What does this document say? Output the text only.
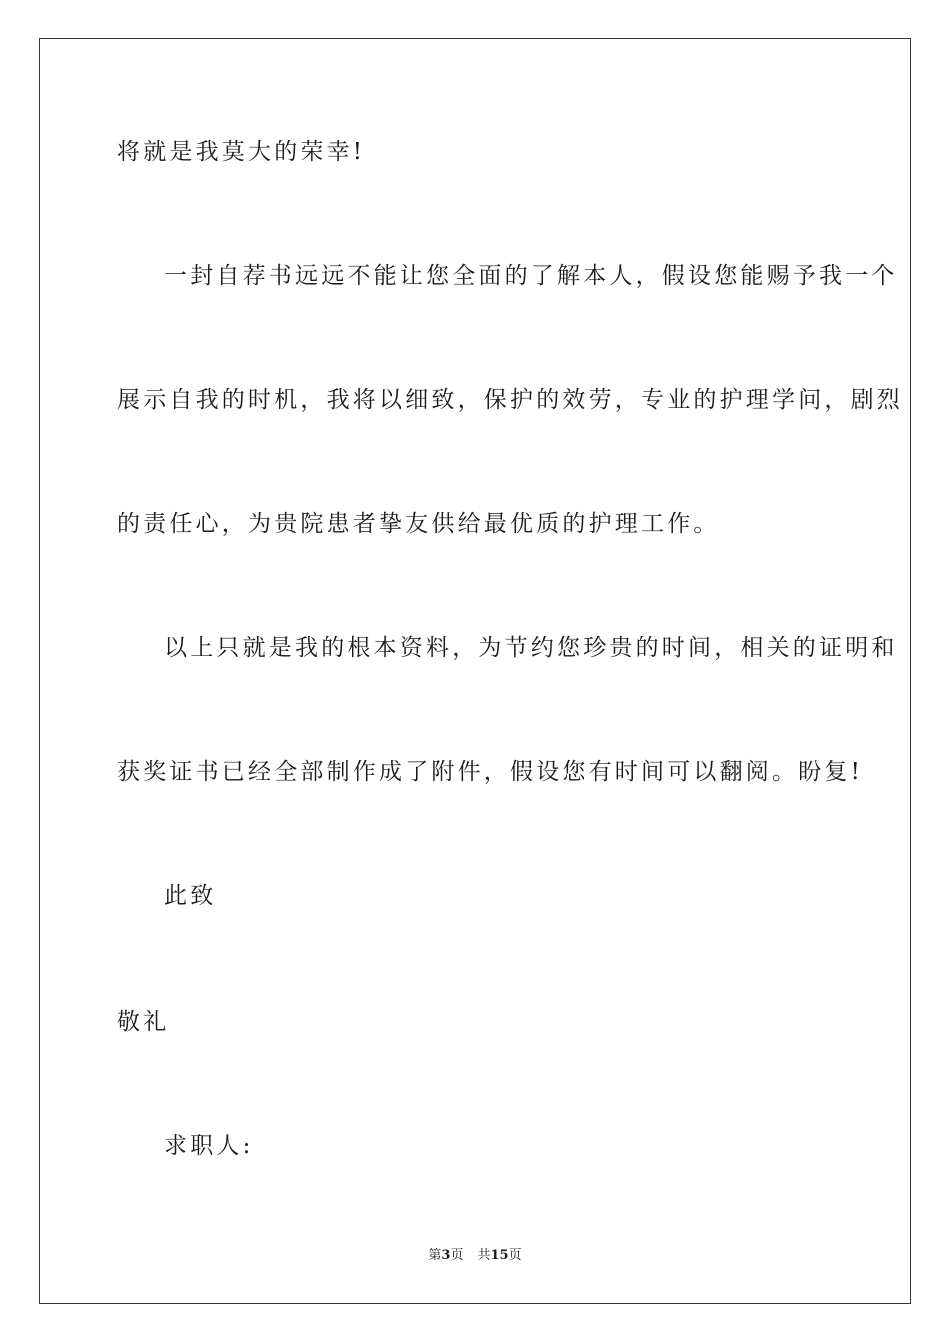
将就是我莫大的荣幸!
一封自荐书远远不能让您全面的了解本人，假设您能赐予我一个
展示自我的时机，我将以细致，保护的效劳，专业的护理学问，剧烈
的责任心，为贵院患者挚友供给最优质的护理工作。
以上只就是我的根本资料，为节约您珍贵的时间，相关的证明和
获奖证书已经全部制作成了附件，假设您有时间可以翻阅。盼复!
此致
敬礼
求职人:
第3页 共15页
